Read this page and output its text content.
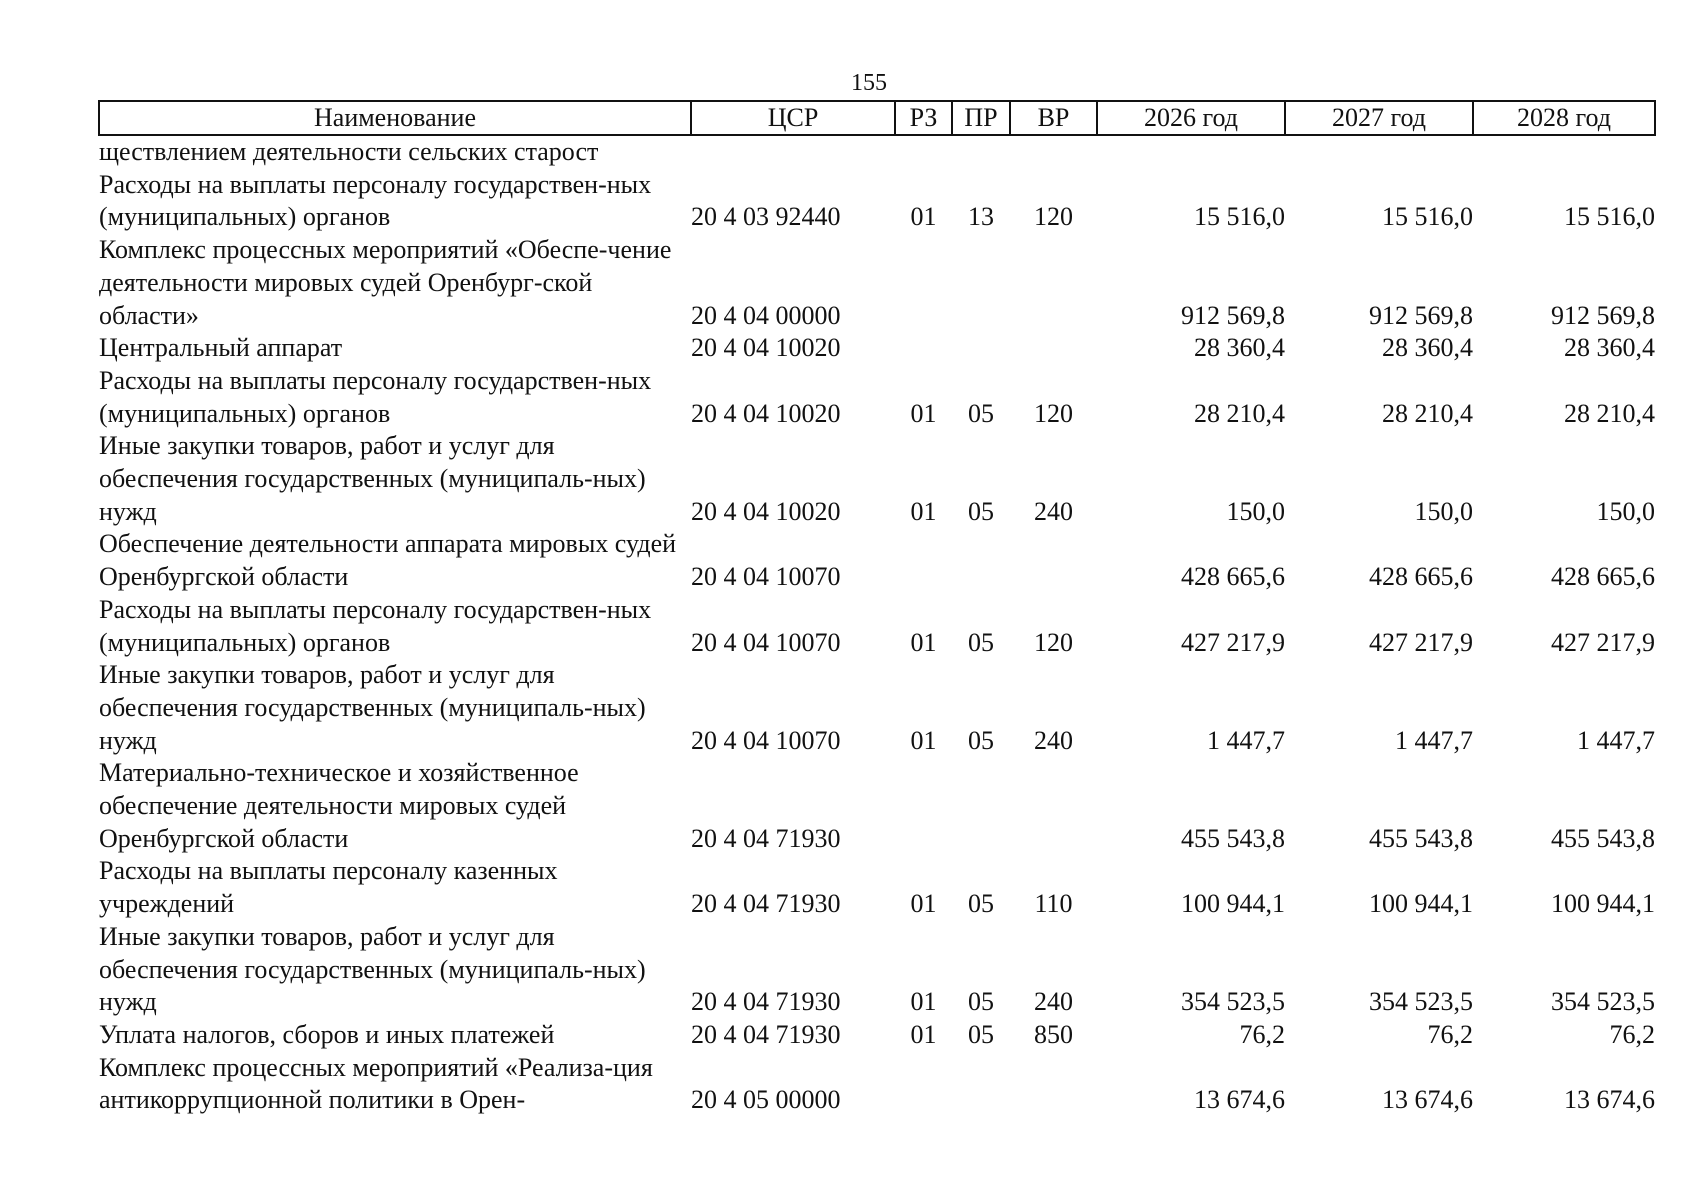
155
Наименование	ЦСР	РЗ	ПР	ВР	2026 год	2027 год	2028 год
ществлением деятельности сельских старост							
Расходы на выплаты персоналу государствен-ных (муниципальных) органов	20 4 03 92440	01	13	120	15 516,0	15 516,0	15 516,0
Комплекс процессных мероприятий «Обеспе-чение деятельности мировых судей Оренбург-ской области»	20 4 04 00000				912 569,8	912 569,8	912 569,8
Центральный аппарат	20 4 04 10020				28 360,4	28 360,4	28 360,4
Расходы на выплаты персоналу государствен-ных (муниципальных) органов	20 4 04 10020	01	05	120	28 210,4	28 210,4	28 210,4
Иные закупки товаров, работ и услуг для обеспечения государственных (муниципаль-ных) нужд	20 4 04 10020	01	05	240	150,0	150,0	150,0
Обеспечение деятельности аппарата мировых судей Оренбургской области	20 4 04 10070				428 665,6	428 665,6	428 665,6
Расходы на выплаты персоналу государствен-ных (муниципальных) органов	20 4 04 10070	01	05	120	427 217,9	427 217,9	427 217,9
Иные закупки товаров, работ и услуг для обеспечения государственных (муниципаль-ных) нужд	20 4 04 10070	01	05	240	1 447,7	1 447,7	1 447,7
Материально-техническое и хозяйственное обеспечение деятельности мировых судей Оренбургской области	20 4 04 71930				455 543,8	455 543,8	455 543,8
Расходы на выплаты персоналу казенных учреждений	20 4 04 71930	01	05	110	100 944,1	100 944,1	100 944,1
Иные закупки товаров, работ и услуг для обеспечения государственных (муниципаль-ных) нужд	20 4 04 71930	01	05	240	354 523,5	354 523,5	354 523,5
Уплата налогов, сборов и иных платежей	20 4 04 71930	01	05	850	76,2	76,2	76,2
Комплекс процессных мероприятий «Реализа-ция антикоррупционной политики в Орен-	20 4 05 00000				13 674,6	13 674,6	13 674,6
